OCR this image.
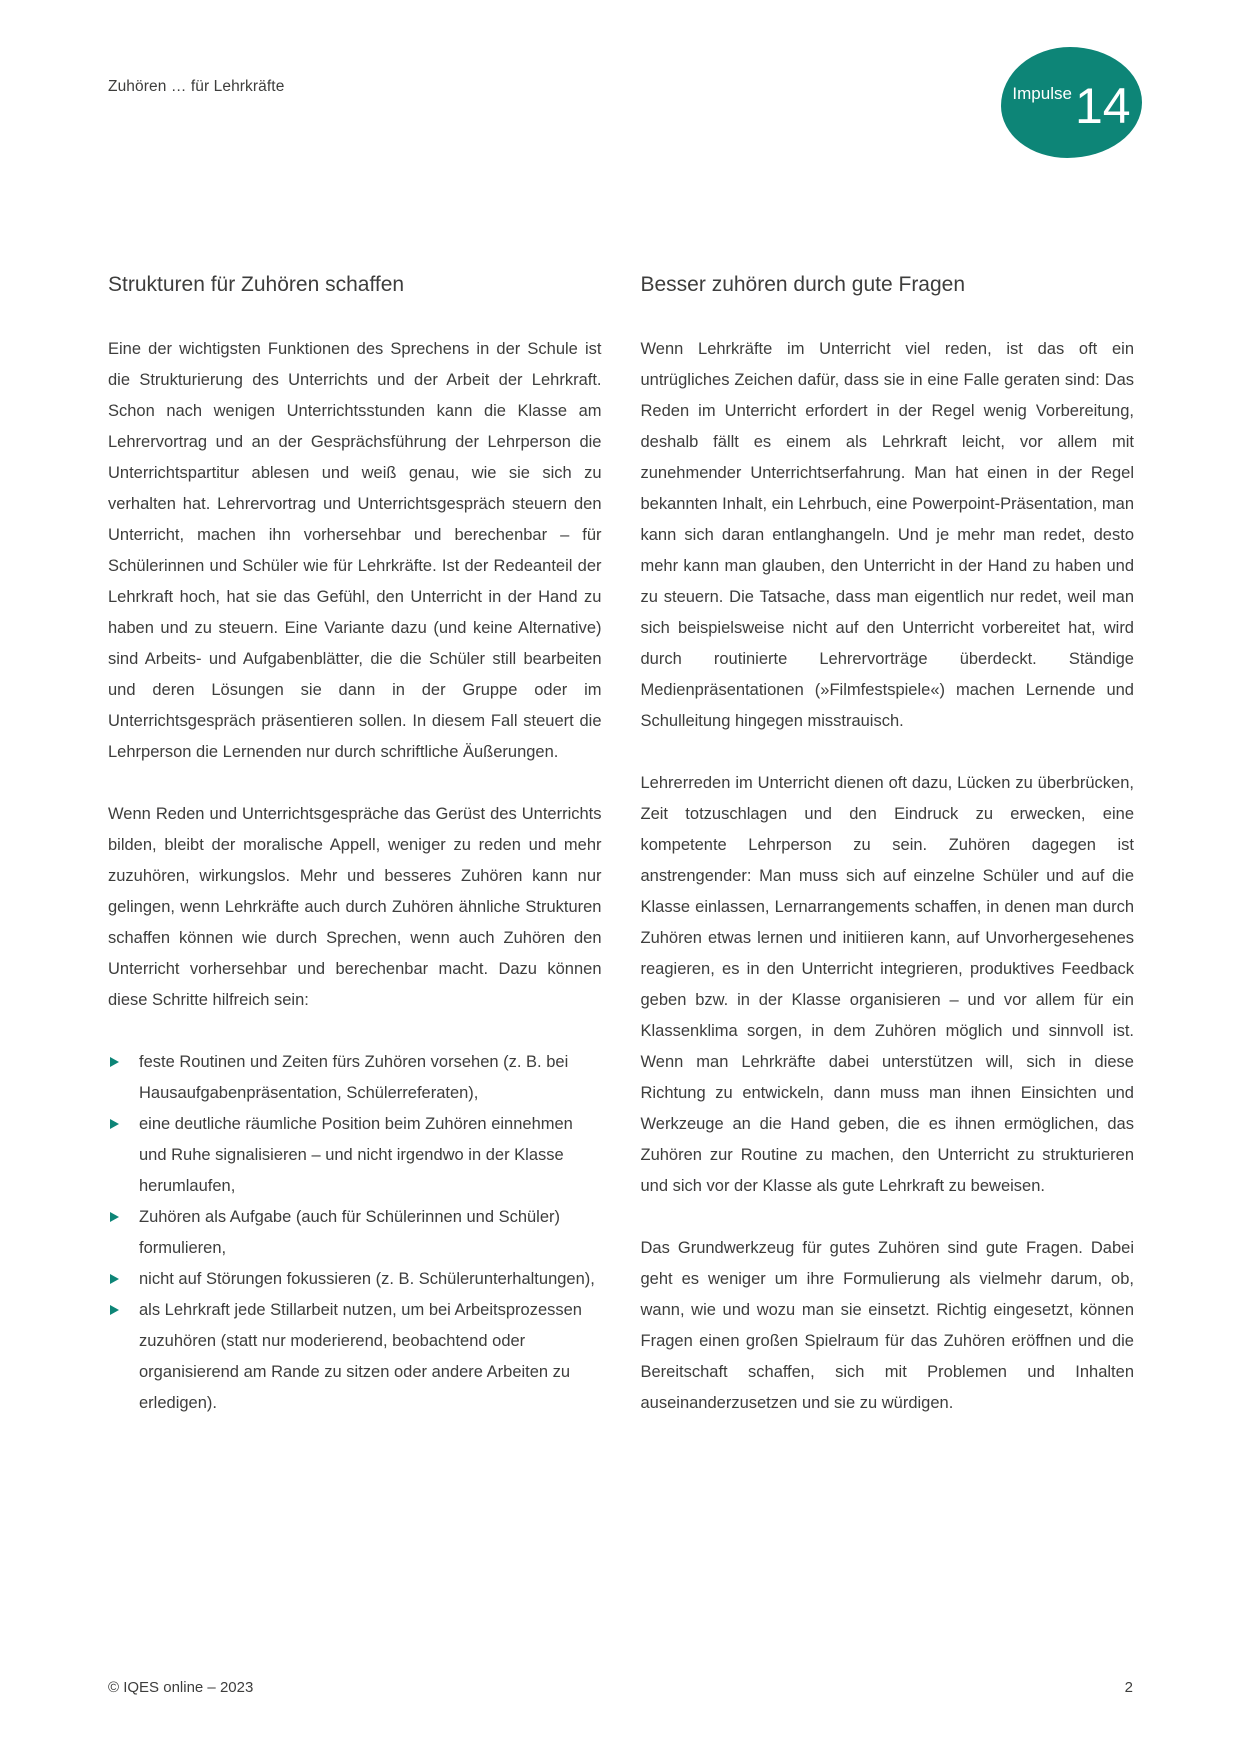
Zuhören … für Lehrkräfte	Impulse 14
Strukturen für Zuhören schaffen

Eine der wichtigsten Funktionen des Sprechens in der Schule ist die Strukturierung des Unterrichts und der Arbeit der Lehrkraft. Schon nach wenigen Unterrichtsstunden kann die Klasse am Lehrervortrag und an der Gesprächsführung der Lehrperson die Unterrichtspartitur ablesen und weiß genau, wie sie sich zu verhalten hat. Lehrervortrag und Unterrichtsgespräch steuern den Unterricht, machen ihn vorhersehbar und berechenbar – für Schülerinnen und Schüler wie für Lehrkräfte. Ist der Redeanteil der Lehrkraft hoch, hat sie das Gefühl, den Unterricht in der Hand zu haben und zu steuern. Eine Variante dazu (und keine Alternative) sind Arbeits- und Aufgabenblätter, die die Schüler still bearbeiten und deren Lösungen sie dann in der Gruppe oder im Unterrichtsgespräch präsentieren sollen. In diesem Fall steuert die Lehrperson die Lernenden nur durch schriftliche Äußerungen.

Wenn Reden und Unterrichtsgespräche das Gerüst des Unterrichts bilden, bleibt der moralische Appell, weniger zu reden und mehr zuzuhören, wirkungslos. Mehr und besseres Zuhören kann nur gelingen, wenn Lehrkräfte auch durch Zuhören ähnliche Strukturen schaffen können wie durch Sprechen, wenn auch Zuhören den Unterricht vorhersehbar und berechenbar macht. Dazu können diese Schritte hilfreich sein:

feste Routinen und Zeiten fürs Zuhören vorsehen (z. B. bei Hausaufgabenpräsentation, Schülerreferaten),
eine deutliche räumliche Position beim Zuhören einnehmen und Ruhe signalisieren – und nicht irgendwo in der Klasse herumlaufen,
Zuhören als Aufgabe (auch für Schülerinnen und Schüler) formulieren,
nicht auf Störungen fokussieren (z. B. Schülerunterhaltungen),
als Lehrkraft jede Stillarbeit nutzen, um bei Arbeitsprozessen zuzuhören (statt nur moderierend, beobachtend oder organisierend am Rande zu sitzen oder andere Arbeiten zu erledigen).
Besser zuhören durch gute Fragen

Wenn Lehrkräfte im Unterricht viel reden, ist das oft ein untrügliches Zeichen dafür, dass sie in eine Falle geraten sind: Das Reden im Unterricht erfordert in der Regel wenig Vorbereitung, deshalb fällt es einem als Lehrkraft leicht, vor allem mit zunehmender Unterrichtserfahrung. Man hat einen in der Regel bekannten Inhalt, ein Lehrbuch, eine Powerpoint-Präsentation, man kann sich daran entlanghangeln. Und je mehr man redet, desto mehr kann man glauben, den Unterricht in der Hand zu haben und zu steuern. Die Tatsache, dass man eigentlich nur redet, weil man sich beispielsweise nicht auf den Unterricht vorbereitet hat, wird durch routinierte Lehrervorträge überdeckt. Ständige Medienpräsentationen (»Filmfestspiele«) machen Lernende und Schulleitung hingegen misstrauisch.

Lehrerreden im Unterricht dienen oft dazu, Lücken zu überbrücken, Zeit totzuschlagen und den Eindruck zu erwecken, eine kompetente Lehrperson zu sein. Zuhören dagegen ist anstrengender: Man muss sich auf einzelne Schüler und auf die Klasse einlassen, Lernarrangements schaffen, in denen man durch Zuhören etwas lernen und initiieren kann, auf Unvorhergesehenes reagieren, es in den Unterricht integrieren, produktives Feedback geben bzw. in der Klasse organisieren – und vor allem für ein Klassenklima sorgen, in dem Zuhören möglich und sinnvoll ist. Wenn man Lehrkräfte dabei unterstützen will, sich in diese Richtung zu entwickeln, dann muss man ihnen Einsichten und Werkzeuge an die Hand geben, die es ihnen ermöglichen, das Zuhören zur Routine zu machen, den Unterricht zu strukturieren und sich vor der Klasse als gute Lehrkraft zu beweisen.

Das Grundwerkzeug für gutes Zuhören sind gute Fragen. Dabei geht es weniger um ihre Formulierung als vielmehr darum, ob, wann, wie und wozu man sie einsetzt. Richtig eingesetzt, können Fragen einen großen Spielraum für das Zuhören eröffnen und die Bereitschaft schaffen, sich mit Problemen und Inhalten auseinanderzusetzen und sie zu würdigen.

© IQES online – 2023	2
